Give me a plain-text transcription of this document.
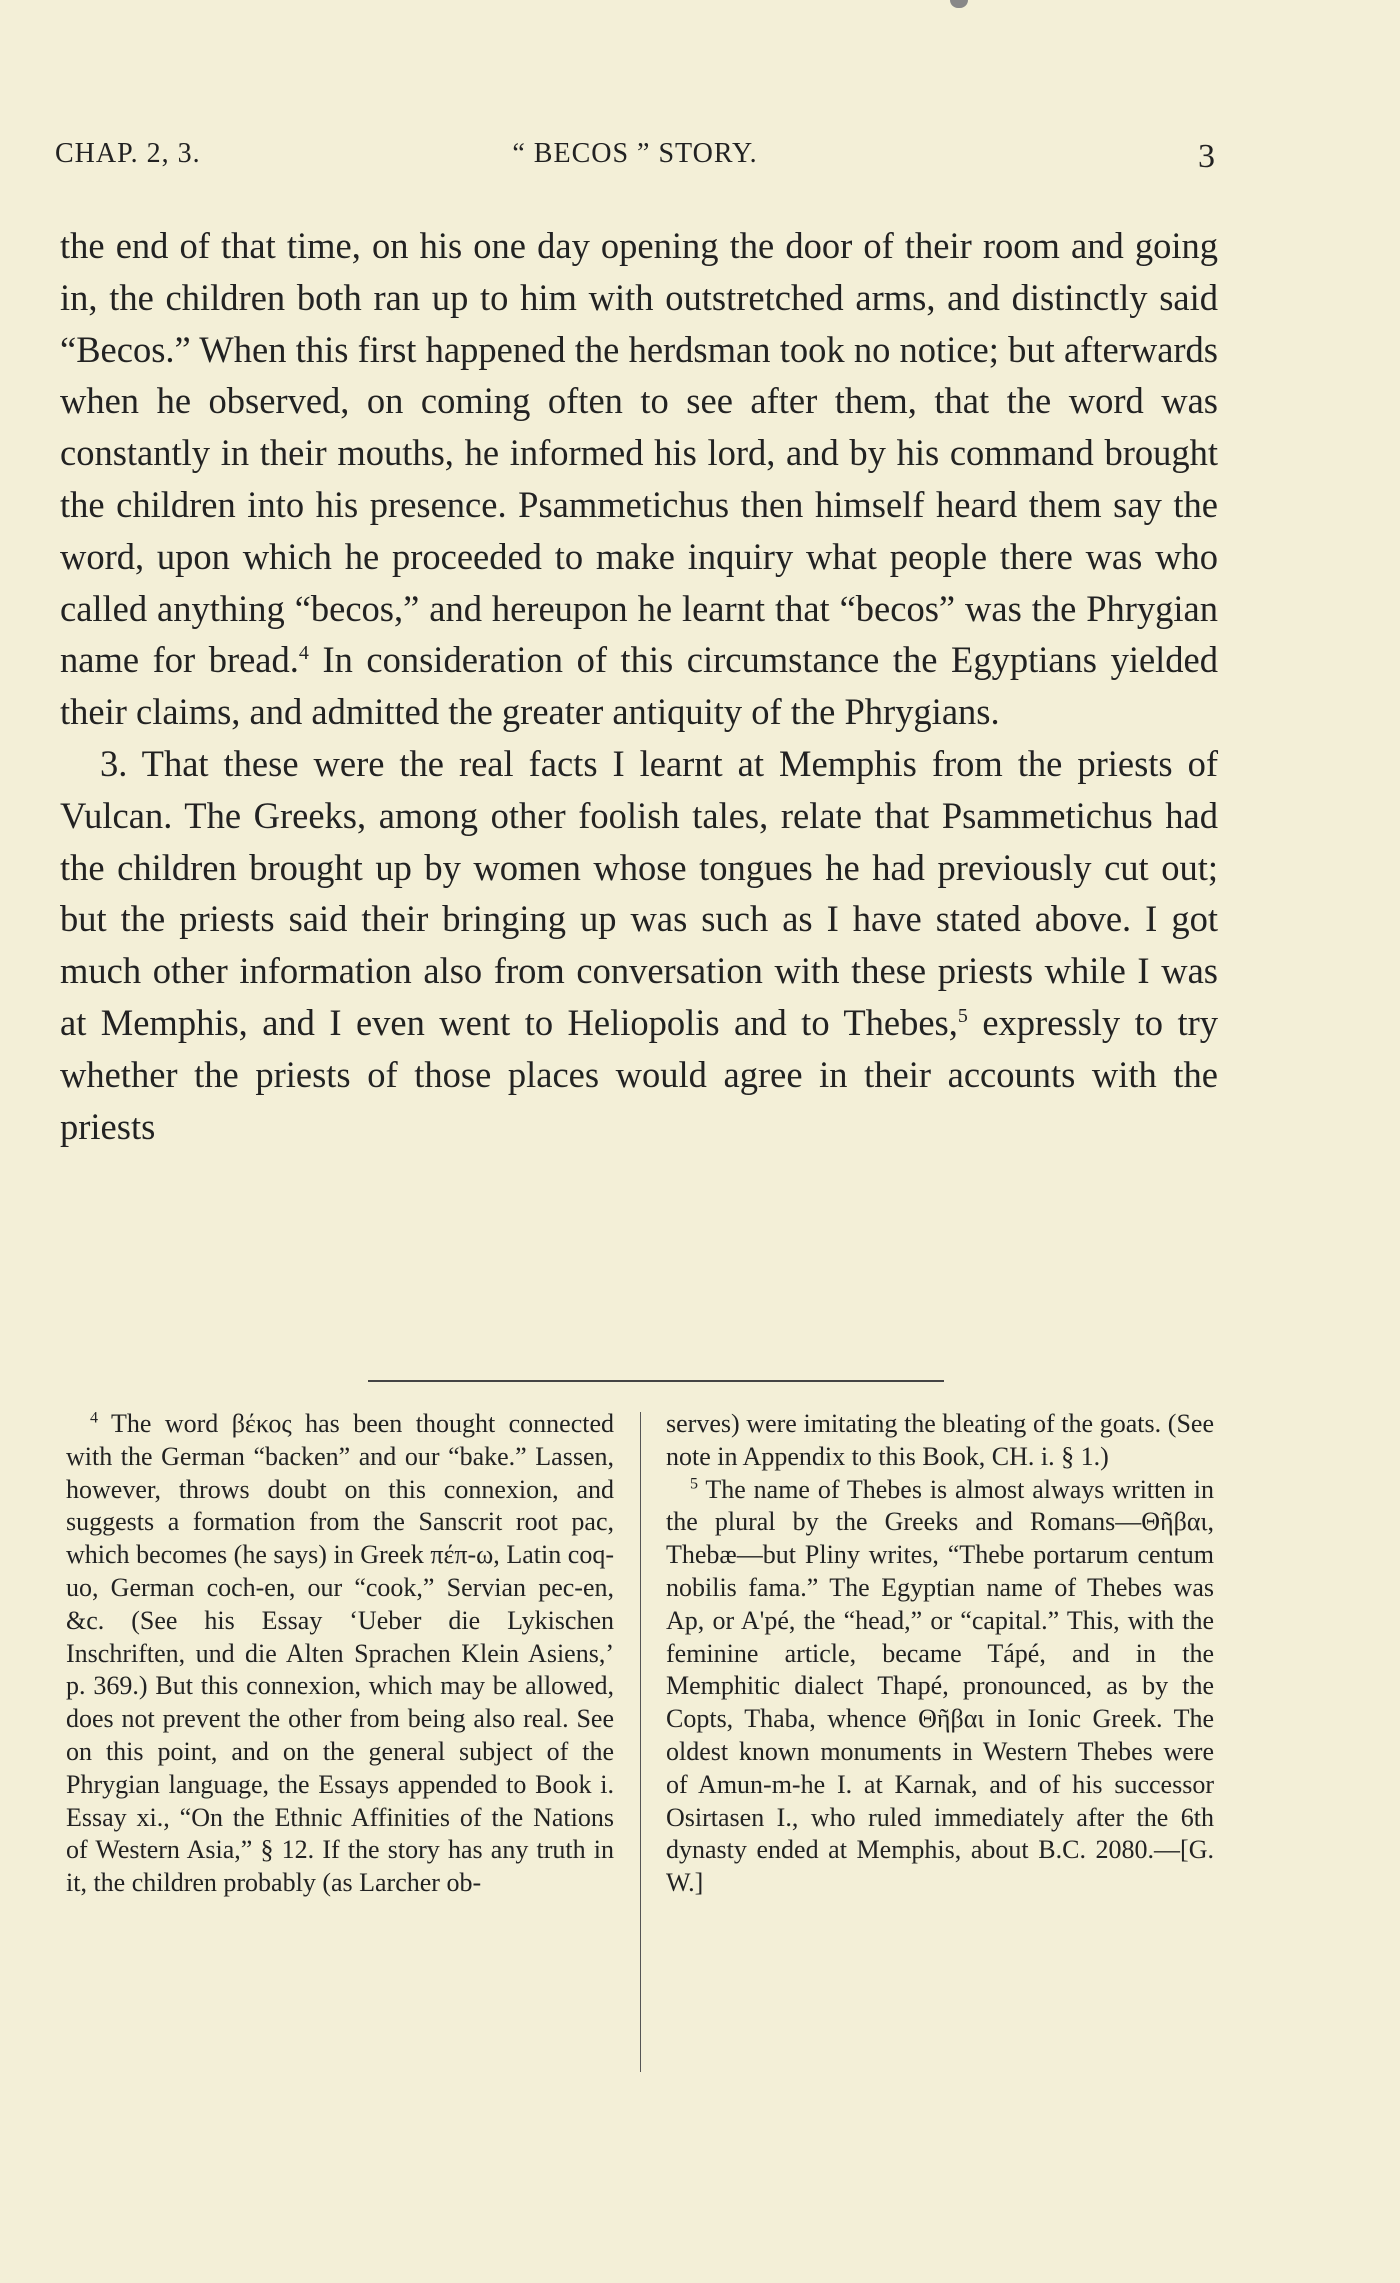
CHAP. 2, 3.	“ BECOS ” STORY.	3

the end of that time, on his one day opening the door of their room and going in, the children both ran up to him with outstretched arms, and distinctly said “Becos.” When this first happened the herdsman took no notice; but afterwards when he observed, on coming often to see after them, that the word was constantly in their mouths, he informed his lord, and by his command brought the children into his presence. Psammetichus then himself heard them say the word, upon which he proceeded to make inquiry what people there was who called anything “becos,” and hereupon he learnt that “becos” was the Phrygian name for bread.$^4$ In consideration of this circumstance the Egyptians yielded their claims, and admitted the greater antiquity of the Phrygians.

3. That these were the real facts I learnt at Memphis from the priests of Vulcan. The Greeks, among other foolish tales, relate that Psammetichus had the children brought up by women whose tongues he had previously cut out; but the priests said their bringing up was such as I have stated above. I got much other information also from conversation with these priests while I was at Memphis, and I even went to Heliopolis and to Thebes,$^5$ expressly to try whether the priests of those places would agree in their accounts with the priests

$^4$ The word βέκος has been thought connected with the German “backen” and our “bake.” Lassen, however, throws doubt on this connexion, and suggests a formation from the Sanscrit root pac, which becomes (he says) in Greek πέπ-ω, Latin coq-uo, German coch-en, our “cook,” Servian pec-en, &c. (See his Essay ‘Ueber die Lykischen Inschriften, und die Alten Sprachen Klein Asiens,’ p. 369.) But this connexion, which may be allowed, does not prevent the other from being also real. See on this point, and on the general subject of the Phrygian language, the Essays appended to Book i. Essay xi., “On the Ethnic Affinities of the Nations of Western Asia,” § 12. If the story has any truth in it, the children probably (as Larcher ob-

serves) were imitating the bleating of the goats. (See note in Appendix to this Book, CH. i. § 1.)

$^5$ The name of Thebes is almost always written in the plural by the Greeks and Romans—Θῆβαι, Thebæ—but Pliny writes, “Thebe portarum centum nobilis fama.” The Egyptian name of Thebes was Ap, or A'pé, the “head,” or “capital.” This, with the feminine article, became Tápé, and in the Memphitic dialect Thapé, pronounced, as by the Copts, Thaba, whence Θῆβαι in Ionic Greek. The oldest known monuments in Western Thebes were of Amun-m-he I. at Karnak, and of his successor Osirtasen I., who ruled immediately after the 6th dynasty ended at Memphis, about B.C. 2080.—[G. W.]
